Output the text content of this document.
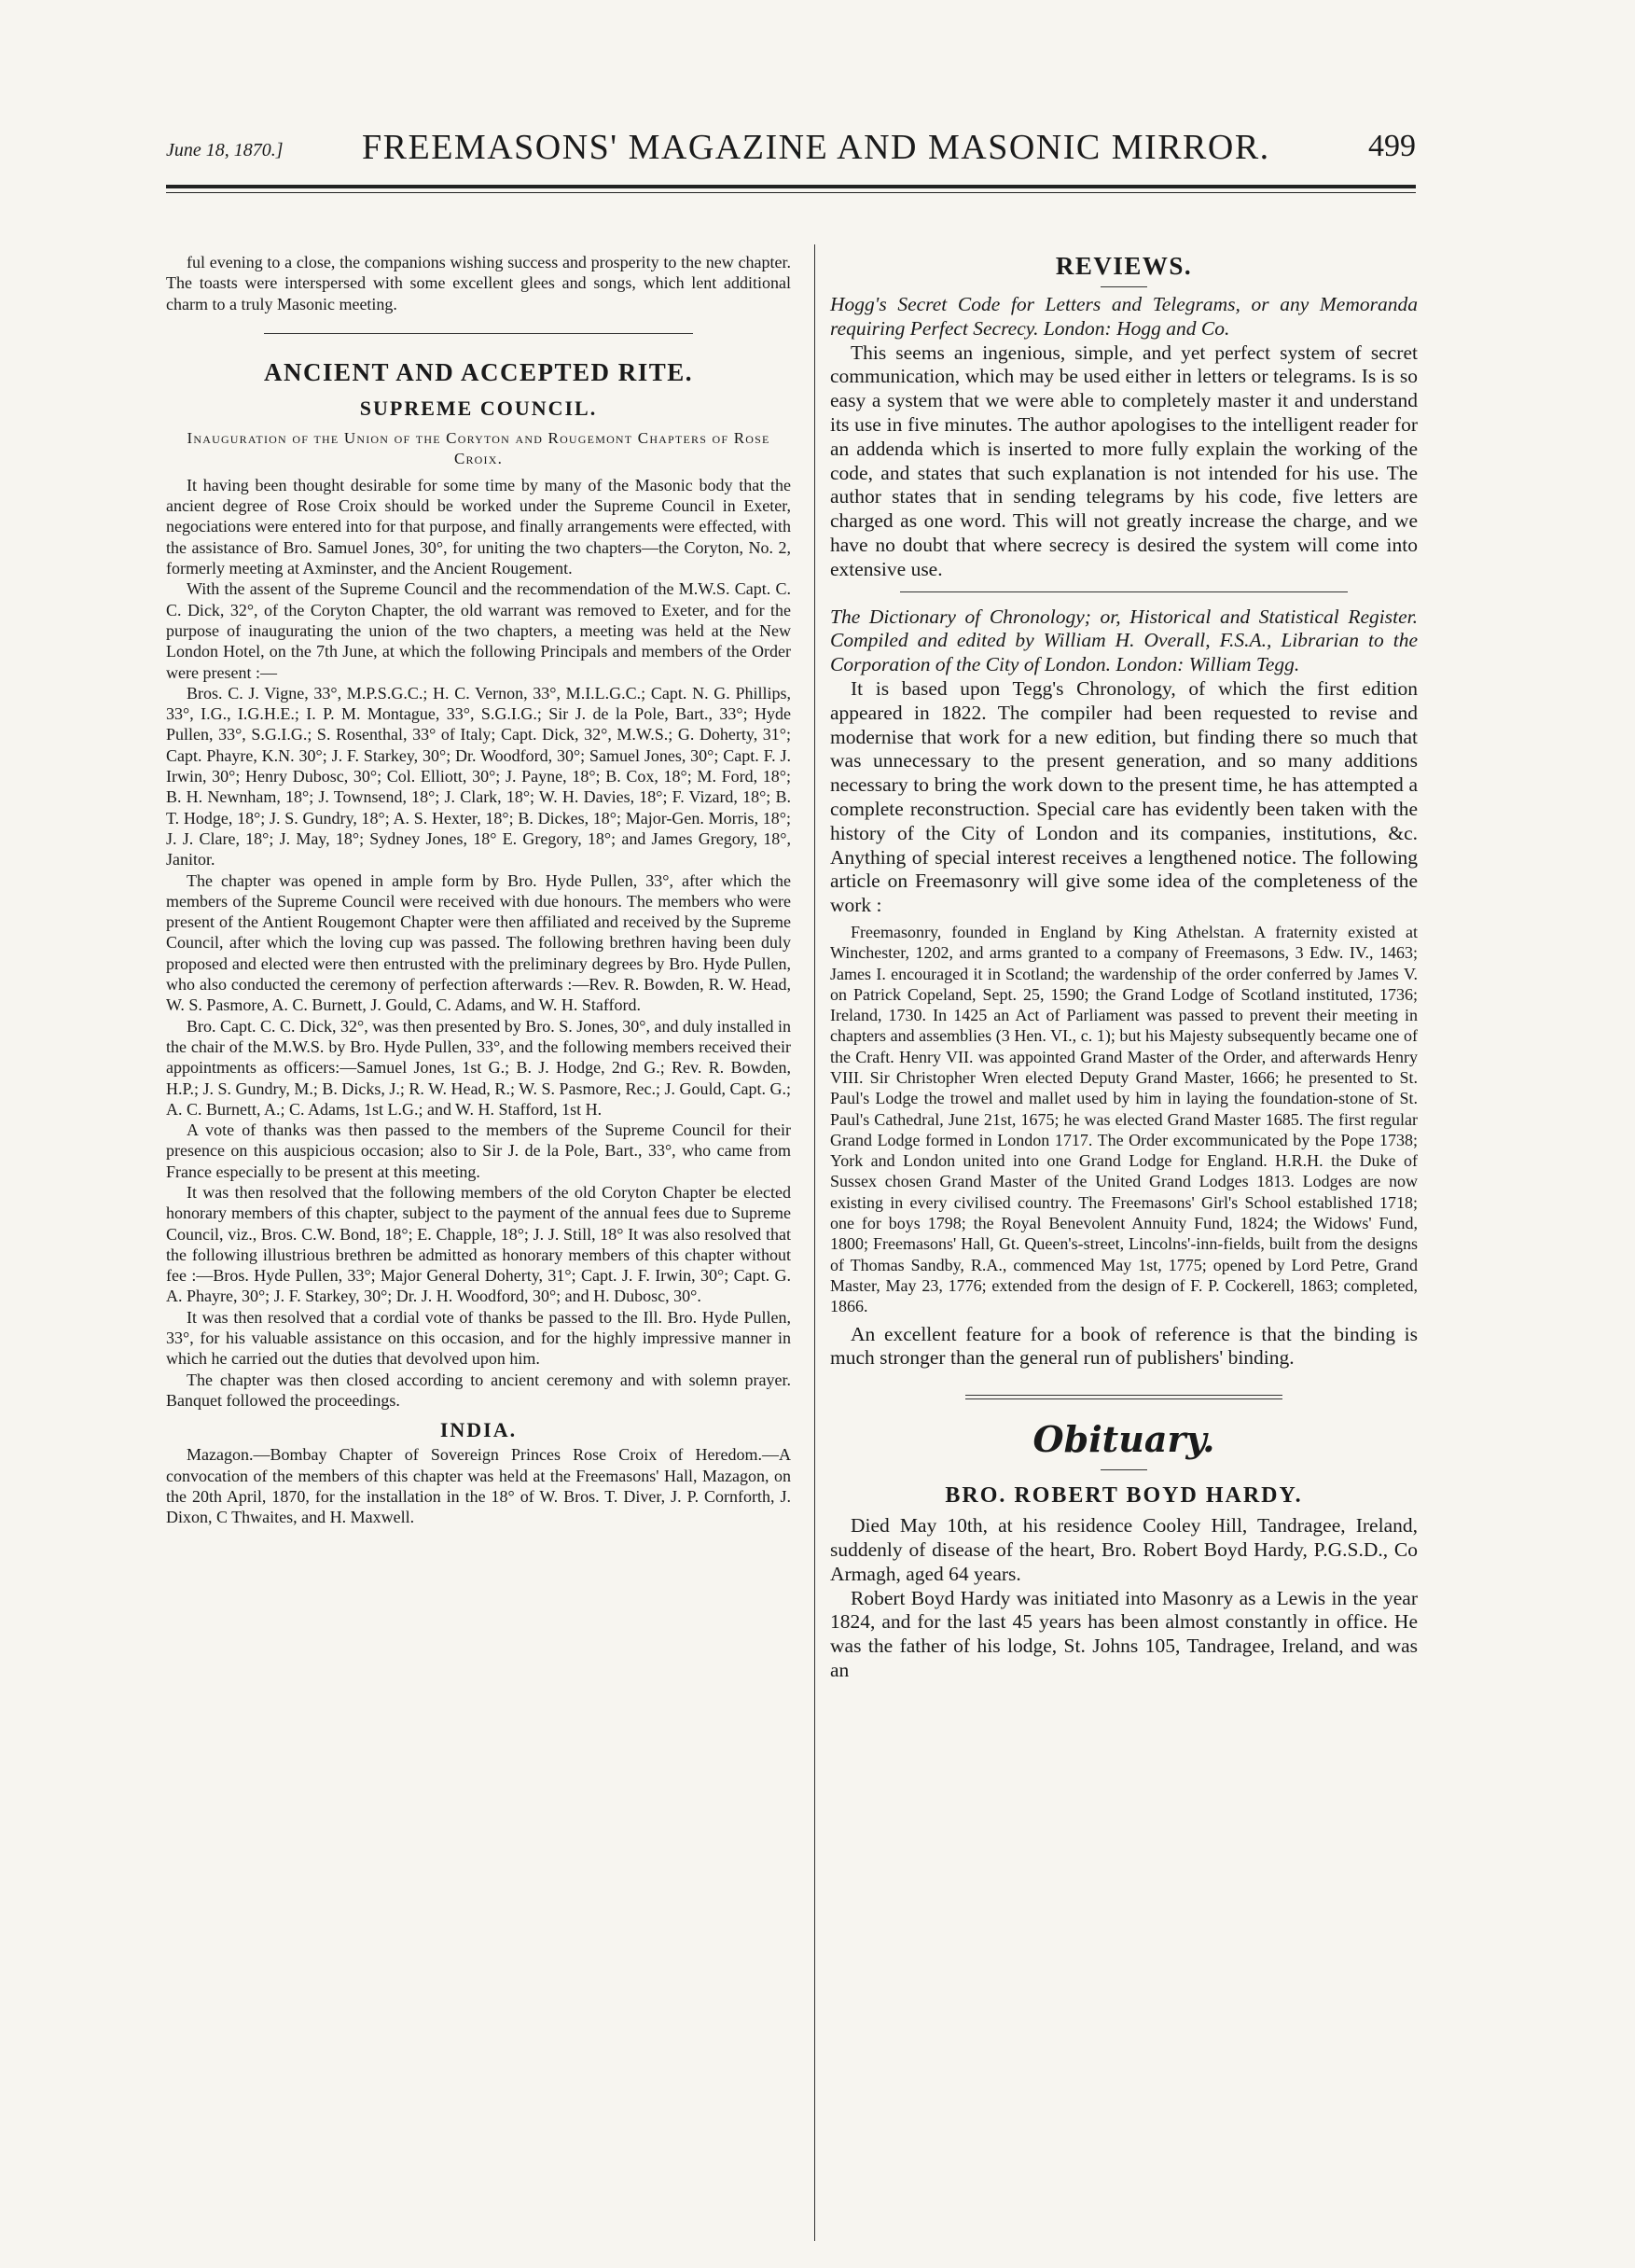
June 18, 1870.] FREEMASONS' MAGAZINE AND MASONIC MIRROR.	499

ful evening to a close, the companions wishing success and prosperity to the new chapter. The toasts were interspersed with some excellent glees and songs, which lent additional charm to a truly Masonic meeting.

ANCIENT AND ACCEPTED RITE.
SUPREME COUNCIL.

Inauguration of the Union of the Coryton and Rougemont Chapters of Rose Croix.

It having been thought desirable for some time by many of the Masonic body that the ancient degree of Rose Croix should be worked under the Supreme Council in Exeter, negociations were entered into for that purpose, and finally arrangements were effected, with the assistance of Bro. Samuel Jones, 30°, for uniting the two chapters—the Coryton, No. 2, formerly meeting at Axminster, and the Ancient Rougement.

With the assent of the Supreme Council and the recommendation of the M.W.S. Capt. C. C. Dick, 32°, of the Coryton Chapter, the old warrant was removed to Exeter, and for the purpose of inaugurating the union of the two chapters, a meeting was held at the New London Hotel, on the 7th June, at which the following Principals and members of the Order were present :—

Bros. C. J. Vigne, 33°, M.P.S.G.C.; H. C. Vernon, 33°, M.I.L.G.C.; Capt. N. G. Phillips, 33°, I.G., I.G.H.E.; I. P. M. Montague, 33°, S.G.I.G.; Sir J. de la Pole, Bart., 33°; Hyde Pullen, 33°, S.G.I.G.; S. Rosenthal, 33° of Italy; Capt. Dick, 32°, M.W.S.; G. Doherty, 31°; Capt. Phayre, K.N. 30°; J. F. Starkey, 30°; Dr. Woodford, 30°; Samuel Jones, 30°; Capt. F. J. Irwin, 30°; Henry Dubosc, 30°; Col. Elliott, 30°; J. Payne, 18°; B. Cox, 18°; M. Ford, 18°; B. H. Newnham, 18°; J. Townsend, 18°; J. Clark, 18°; W. H. Davies, 18°; F. Vizard, 18°; B. T. Hodge, 18°; J. S. Gundry, 18°; A. S. Hexter, 18°; B. Dickes, 18°; Major-Gen. Morris, 18°; J. J. Clare, 18°; J. May, 18°; Sydney Jones, 18° E. Gregory, 18°; and James Gregory, 18°, Janitor.

The chapter was opened in ample form by Bro. Hyde Pullen, 33°, after which the members of the Supreme Council were received with due honours. The members who were present of the Antient Rougemont Chapter were then affiliated and received by the Supreme Council, after which the loving cup was passed. The following brethren having been duly proposed and elected were then entrusted with the preliminary degrees by Bro. Hyde Pullen, who also conducted the ceremony of perfection afterwards :—Rev. R. Bowden, R. W. Head, W. S. Pasmore, A. C. Burnett, J. Gould, C. Adams, and W. H. Stafford.

Bro. Capt. C. C. Dick, 32°, was then presented by Bro. S. Jones, 30°, and duly installed in the chair of the M.W.S. by Bro. Hyde Pullen, 33°, and the following members received their appointments as officers:—Samuel Jones, 1st G.; B. J. Hodge, 2nd G.; Rev. R. Bowden, H.P.; J. S. Gundry, M.; B. Dicks, J.; R. W. Head, R.; W. S. Pasmore, Rec.; J. Gould, Capt. G.; A. C. Burnett, A.; C. Adams, 1st L.G.; and W. H. Stafford, 1st H.

A vote of thanks was then passed to the members of the Supreme Council for their presence on this auspicious occasion; also to Sir J. de la Pole, Bart., 33°, who came from France especially to be present at this meeting.

It was then resolved that the following members of the old Coryton Chapter be elected honorary members of this chapter, subject to the payment of the annual fees due to Supreme Council, viz., Bros. C.W. Bond, 18°; E. Chapple, 18°; J. J. Still, 18° It was also resolved that the following illustrious brethren be admitted as honorary members of this chapter without fee :—Bros. Hyde Pullen, 33°; Major General Doherty, 31°; Capt. J. F. Irwin, 30°; Capt. G. A. Phayre, 30°; J. F. Starkey, 30°; Dr. J. H. Woodford, 30°; and H. Dubosc, 30°.

It was then resolved that a cordial vote of thanks be passed to the Ill. Bro. Hyde Pullen, 33°, for his valuable assistance on this occasion, and for the highly impressive manner in which he carried out the duties that devolved upon him.

The chapter was then closed according to ancient ceremony and with solemn prayer. Banquet followed the proceedings.

INDIA.

Mazagon.—Bombay Chapter of Sovereign Princes Rose Croix of Heredom.—A convocation of the members of this chapter was held at the Freemasons' Hall, Mazagon, on the 20th April, 1870, for the installation in the 18° of W. Bros. T. Diver, J. P. Cornforth, J. Dixon, C Thwaites, and H. Maxwell.

REVIEWS.

Hogg's Secret Code for Letters and Telegrams, or any Memoranda requiring Perfect Secrecy. London: Hogg and Co.

This seems an ingenious, simple, and yet perfect system of secret communication, which may be used either in letters or telegrams. Is is so easy a system that we were able to completely master it and understand its use in five minutes. The author apologises to the intelligent reader for an addenda which is inserted to more fully explain the working of the code, and states that such explanation is not intended for his use. The author states that in sending telegrams by his code, five letters are charged as one word. This will not greatly increase the charge, and we have no doubt that where secrecy is desired the system will come into extensive use.

The Dictionary of Chronology; or, Historical and Statistical Register. Compiled and edited by William H. Overall, F.S.A., Librarian to the Corporation of the City of London. London: William Tegg.

It is based upon Tegg's Chronology, of which the first edition appeared in 1822. The compiler had been requested to revise and modernise that work for a new edition, but finding there so much that was unnecessary to the present generation, and so many additions necessary to bring the work down to the present time, he has attempted a complete reconstruction. Special care has evidently been taken with the history of the City of London and its companies, institutions, &c. Anything of special interest receives a lengthened notice. The following article on Freemasonry will give some idea of the completeness of the work :

Freemasonry, founded in England by King Athelstan. A fraternity existed at Winchester, 1202, and arms granted to a company of Freemasons, 3 Edw. IV., 1463; James I. encouraged it in Scotland; the wardenship of the order conferred by James V. on Patrick Copeland, Sept. 25, 1590; the Grand Lodge of Scotland instituted, 1736; Ireland, 1730. In 1425 an Act of Parliament was passed to prevent their meeting in chapters and assemblies (3 Hen. VI., c. 1); but his Majesty subsequently became one of the Craft. Henry VII. was appointed Grand Master of the Order, and afterwards Henry VIII. Sir Christopher Wren elected Deputy Grand Master, 1666; he presented to St. Paul's Lodge the trowel and mallet used by him in laying the foundation-stone of St. Paul's Cathedral, June 21st, 1675; he was elected Grand Master 1685. The first regular Grand Lodge formed in London 1717. The Order excommunicated by the Pope 1738; York and London united into one Grand Lodge for England. H.R.H. the Duke of Sussex chosen Grand Master of the United Grand Lodges 1813. Lodges are now existing in every civilised country. The Freemasons' Girl's School established 1718; one for boys 1798; the Royal Benevolent Annuity Fund, 1824; the Widows' Fund, 1800; Freemasons' Hall, Gt. Queen's-street, Lincolns'-inn-fields, built from the designs of Thomas Sandby, R.A., commenced May 1st, 1775; opened by Lord Petre, Grand Master, May 23, 1776; extended from the design of F. P. Cockerell, 1863; completed, 1866.

An excellent feature for a book of reference is that the binding is much stronger than the general run of publishers' binding.

Obituary.
BRO. ROBERT BOYD HARDY.

Died May 10th, at his residence Cooley Hill, Tandragee, Ireland, suddenly of disease of the heart, Bro. Robert Boyd Hardy, P.G.S.D., Co Armagh, aged 64 years.

Robert Boyd Hardy was initiated into Masonry as a Lewis in the year 1824, and for the last 45 years has been almost constantly in office. He was the father of his lodge, St. Johns 105, Tandragee, Ireland, and was an
